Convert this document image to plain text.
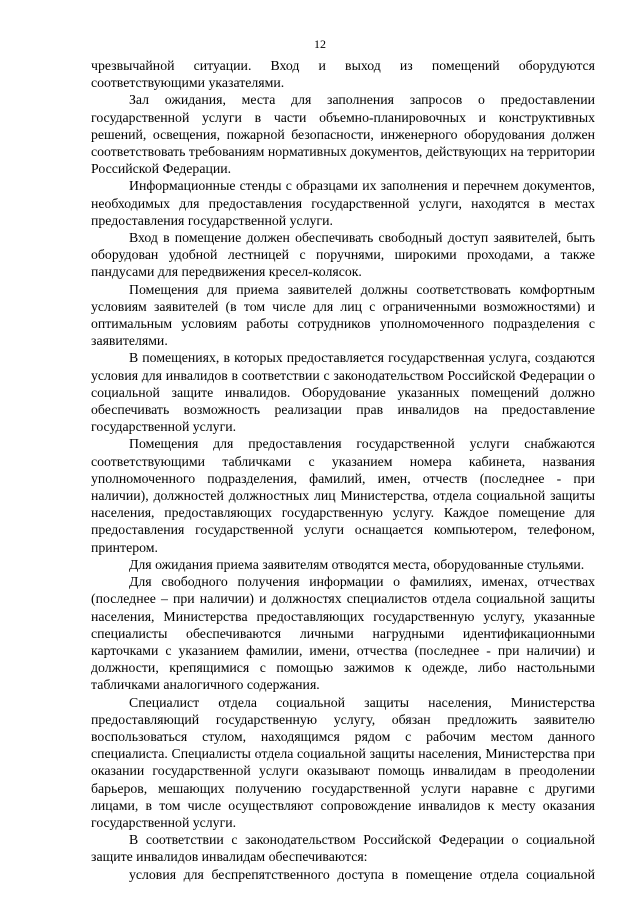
12

чрезвычайной ситуации. Вход и выход из помещений оборудуются соответствующими указателями.

Зал ожидания, места для заполнения запросов о предоставлении государственной услуги в части объемно-планировочных и конструктивных решений, освещения, пожарной безопасности, инженерного оборудования должен соответствовать требованиям нормативных документов, действующих на территории Российской Федерации.

Информационные стенды с образцами их заполнения и перечнем документов, необходимых для предоставления государственной услуги, находятся в местах предоставления государственной услуги.

Вход в помещение должен обеспечивать свободный доступ заявителей, быть оборудован удобной лестницей с поручнями, широкими проходами, а также пандусами для передвижения кресел-колясок.

Помещения для приема заявителей должны соответствовать комфортным условиям заявителей (в том числе для лиц с ограниченными возможностями) и оптимальным условиям работы сотрудников уполномоченного подразделения с заявителями.

В помещениях, в которых предоставляется государственная услуга, создаются условия для инвалидов в соответствии с законодательством Российской Федерации о социальной защите инвалидов. Оборудование указанных помещений должно обеспечивать возможность реализации прав инвалидов на предоставление государственной услуги.

Помещения для предоставления государственной услуги снабжаются соответствующими табличками с указанием номера кабинета, названия уполномоченного подразделения, фамилий, имен, отчеств (последнее - при наличии), должностей должностных лиц Министерства, отдела социальной защиты населения, предоставляющих государственную услугу. Каждое помещение для предоставления государственной услуги оснащается компьютером, телефоном, принтером.

Для ожидания приема заявителям отводятся места, оборудованные стульями.

Для свободного получения информации о фамилиях, именах, отчествах (последнее – при наличии) и должностях специалистов отдела социальной защиты населения, Министерства предоставляющих государственную услугу, указанные специалисты обеспечиваются личными нагрудными идентификационными карточками с указанием фамилии, имени, отчества (последнее - при наличии) и должности, крепящимися с помощью зажимов к одежде, либо настольными табличками аналогичного содержания.

Специалист отдела социальной защиты населения, Министерства предоставляющий государственную услугу, обязан предложить заявителю воспользоваться стулом, находящимся рядом с рабочим местом данного специалиста. Специалисты отдела социальной защиты населения, Министерства при оказании государственной услуги оказывают помощь инвалидам в преодолении барьеров, мешающих получению государственной услуги наравне с другими лицами, в том числе осуществляют сопровождение инвалидов к месту оказания государственной услуги.

В соответствии с законодательством Российской Федерации о социальной защите инвалидов инвалидам обеспечиваются:

условия для беспрепятственного доступа в помещение отдела социальной
